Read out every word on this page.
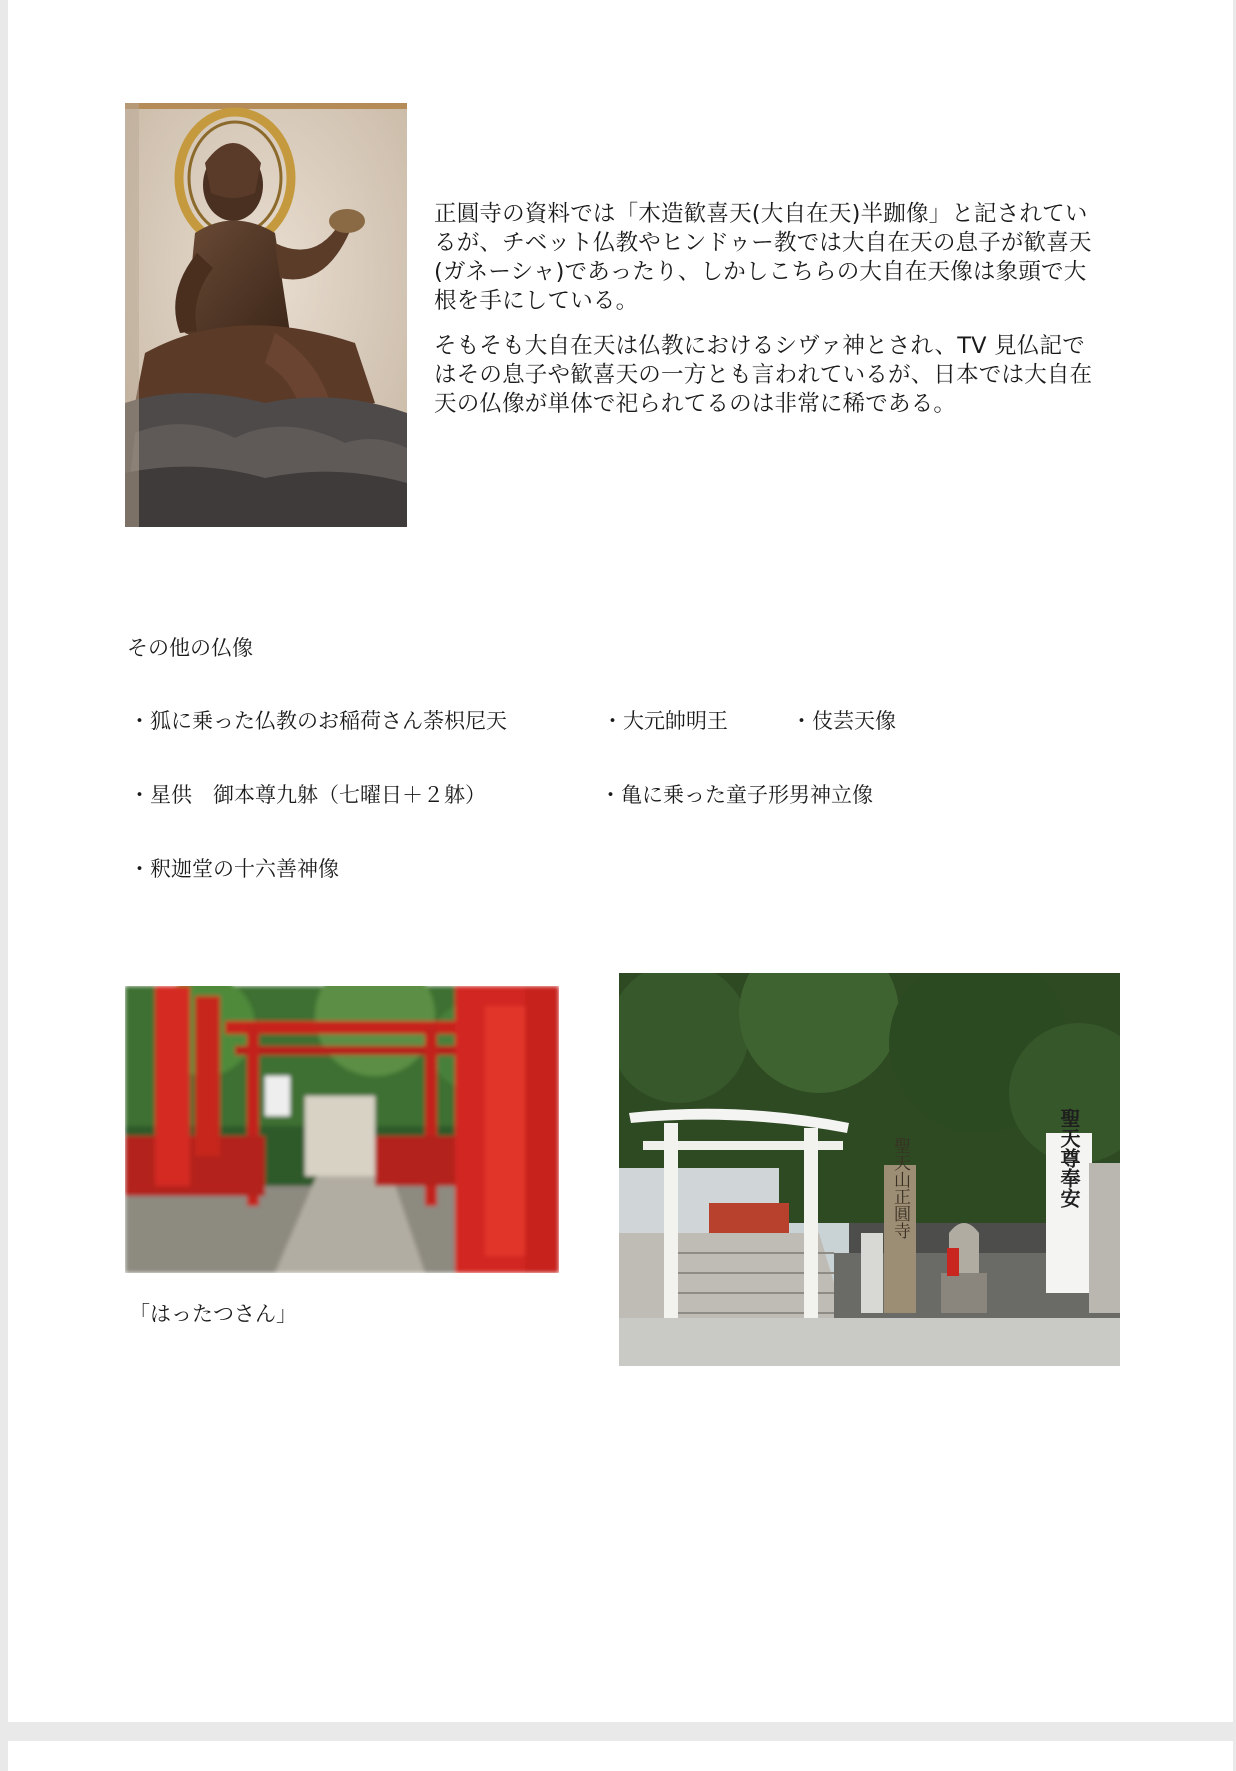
正圓寺の資料では「木造歓喜天(大自在天)半跏像」と記されているが、チベット仏教やヒンドゥー教では大自在天の息子が歓喜天(ガネーシャ)であったり、しかしこちらの大自在天像は象頭で大根を手にしている。

そもそも大自在天は仏教におけるシヴァ神とされ、TV 見仏記ではその息子や歓喜天の一方とも言われているが、日本では大自在天の仏像が単体で祀られてるのは非常に稀である。

その他の仏像
・狐に乗った仏教のお稲荷さん荼枳尼天	・大元帥明王	・伎芸天像
・星供　御本尊九躰（七曜日＋２躰）	・亀に乗った童子形男神立像
・釈迦堂の十六善神像
「はったつさん」
聖天山正圓寺	聖天尊奉安
